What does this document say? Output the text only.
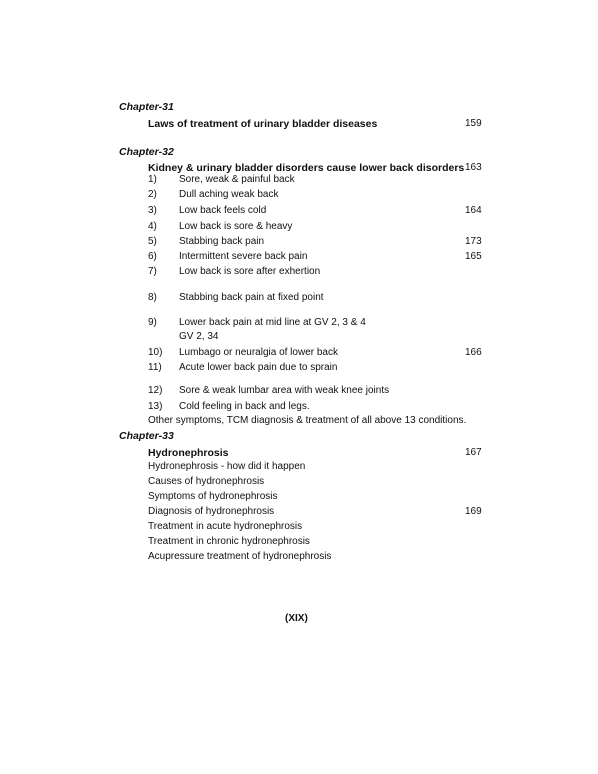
Chapter-31
Laws of treatment of urinary bladder diseases	159
Chapter-32
Kidney & urinary bladder disorders cause lower back disorders 163
1) Sore, weak & painful back
2) Dull aching weak back
3) Low back feels cold	164
4) Low back is sore & heavy
5) Stabbing back pain	173
6) Intermittent severe back pain	165
7) Low back is sore after exhertion
8) Stabbing back pain at fixed point
9) Lower back pain at mid line at GV 2, 3 & 4
GV 2, 34
10) Lumbago or neuralgia of lower back	166
11) Acute lower back pain due to sprain
12) Sore & weak lumbar area with weak knee joints
13) Cold feeling in back and legs.
Other symptoms, TCM diagnosis & treatment of all above 13 conditions.
Chapter-33
Hydronephrosis	167
Hydronephrosis - how did it happen
Causes of hydronephrosis
Symptoms of hydronephrosis
Diagnosis of hydronephrosis	169
Treatment in acute hydronephrosis
Treatment in chronic hydronephrosis
Acupressure treatment of hydronephrosis
(XIX)
